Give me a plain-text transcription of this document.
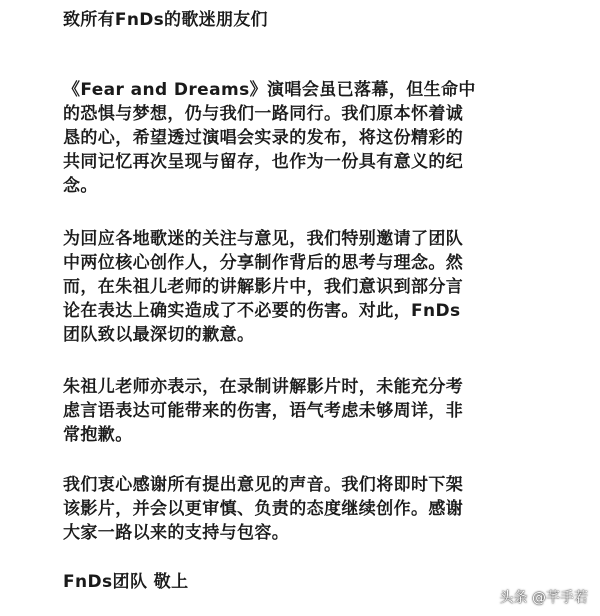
致所有FnDs的歌迷朋友们

《Fear and Dreams》演唱会虽已落幕，但生命中
的恐惧与梦想，仍与我们一路同行。我们原本怀着诚
恳的心，希望透过演唱会实录的发布，将这份精彩的
共同记忆再次呈现与留存，也作为一份具有意义的纪
念。
为回应各地歌迷的关注与意见，我们特别邀请了团队
中两位核心创作人，分享制作背后的思考与理念。然
而，在朱祖儿老师的讲解影片中，我们意识到部分言
论在表达上确实造成了不必要的伤害。对此，FnDs
团队致以最深切的歉意。
朱祖儿老师亦表示，在录制讲解影片时，未能充分考
虑言语表达可能带来的伤害，语气考虑未够周详，非
常抱歉。
我们衷心感谢所有提出意见的声音。我们将即时下架
该影片，并会以更审慎、负责的态度继续创作。感谢
大家一路以来的支持与包容。

FnDs团队 敬上

头条 @芊手若
